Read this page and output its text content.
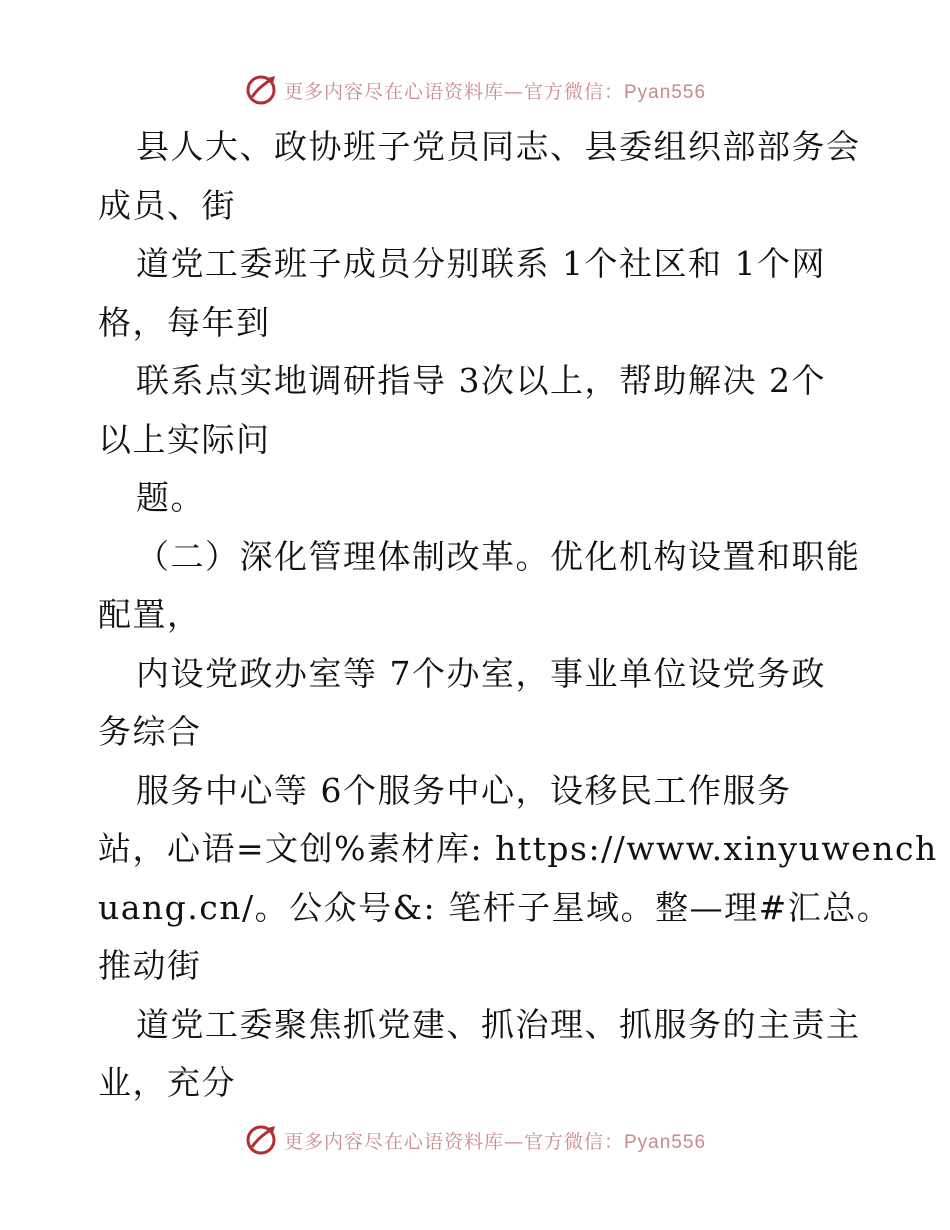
更多内容尽在心语资料库—官方微信：Pyan556
县人大、政协班子党员同志、县委组织部部务会
成员、街
道党工委班子成员分别联系 1个社区和 1个网
格，每年到
联系点实地调研指导 3次以上，帮助解决 2个
以上实际问
题。
（二）深化管理体制改革。优化机构设置和职能
配置，
内设党政办室等 7个办室，事业单位设党务政
务综合
服务中心等 6个服务中心，设移民工作服务
站，心语=文创%素材库: https://www.xinyuwench
uang.cn/。公众号&: 笔杆子星域。整—理#汇总。
推动街
道党工委聚焦抓党建、抓治理、抓服务的主责主
业，充分
更多内容尽在心语资料库—官方微信：Pyan556
